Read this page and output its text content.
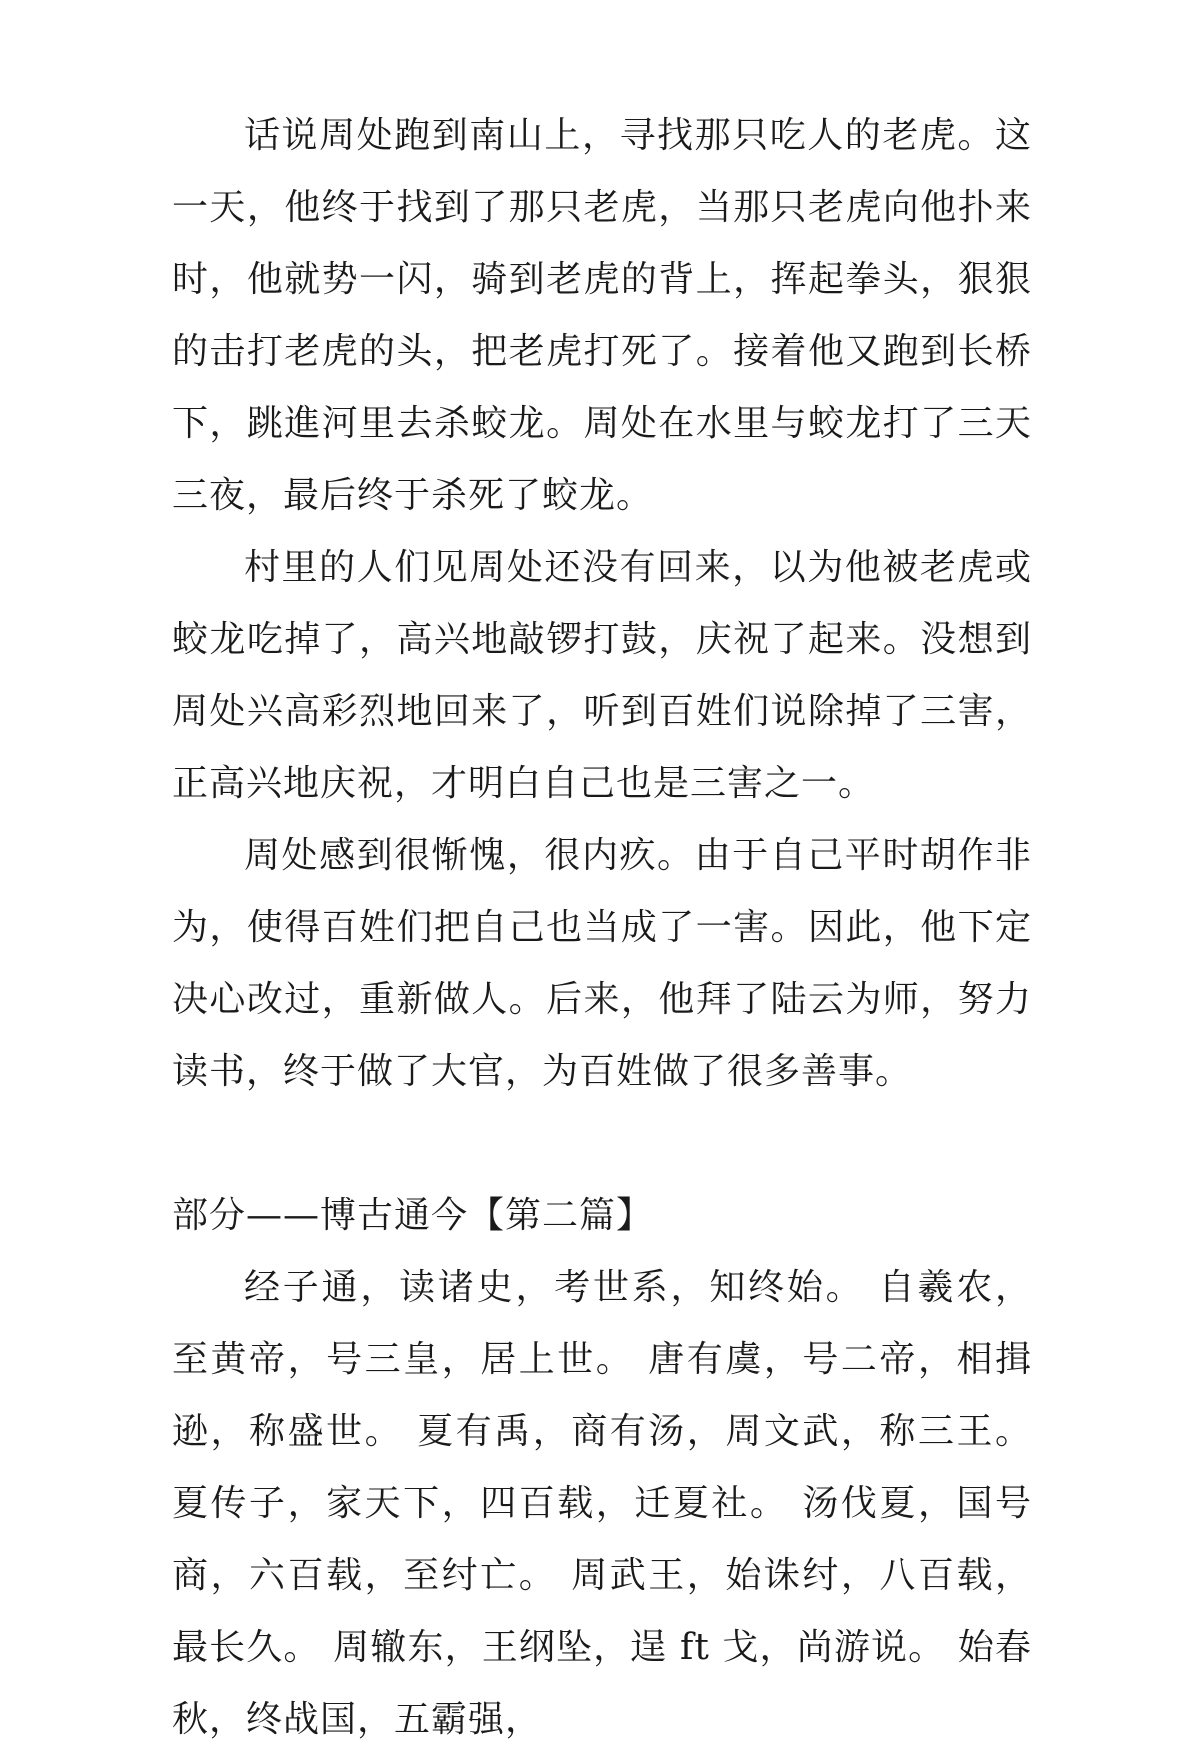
话说周处跑到南山上，寻找那只吃人的老虎。这一天，他终于找到了那只老虎，当那只老虎向他扑来时，他就势一闪，骑到老虎的背上，挥起拳头，狠狠的击打老虎的头，把老虎打死了。接着他又跑到长桥下，跳進河里去杀蛟龙。周处在水里与蛟龙打了三天三夜，最后终于杀死了蛟龙。

村里的人们见周处还没有回来，以为他被老虎或蛟龙吃掉了，高兴地敲锣打鼓，庆祝了起来。没想到周处兴高彩烈地回来了，听到百姓们说除掉了三害，正高兴地庆祝，才明白自己也是三害之一。

周处感到很惭愧，很内疚。由于自己平时胡作非为，使得百姓们把自己也当成了一害。因此，他下定决心改过，重新做人。后来，他拜了陆云为师，努力读书，终于做了大官，为百姓做了很多善事。

部分——博古通今【第二篇】

经子通，读诸史，考世系，知终始。 自羲农，至黄帝，号三皇，居上世。 唐有虞，号二帝，相揖逊，称盛世。 夏有禹，商有汤，周文武，称三王。夏传子，家天下，四百载，迁夏社。 汤伐夏，国号商，六百载，至纣亡。 周武王，始诛纣，八百载，最长久。 周辙东，王纲坠，逞 ft 戈，尚游说。 始春秋，终战国，五霸强，
